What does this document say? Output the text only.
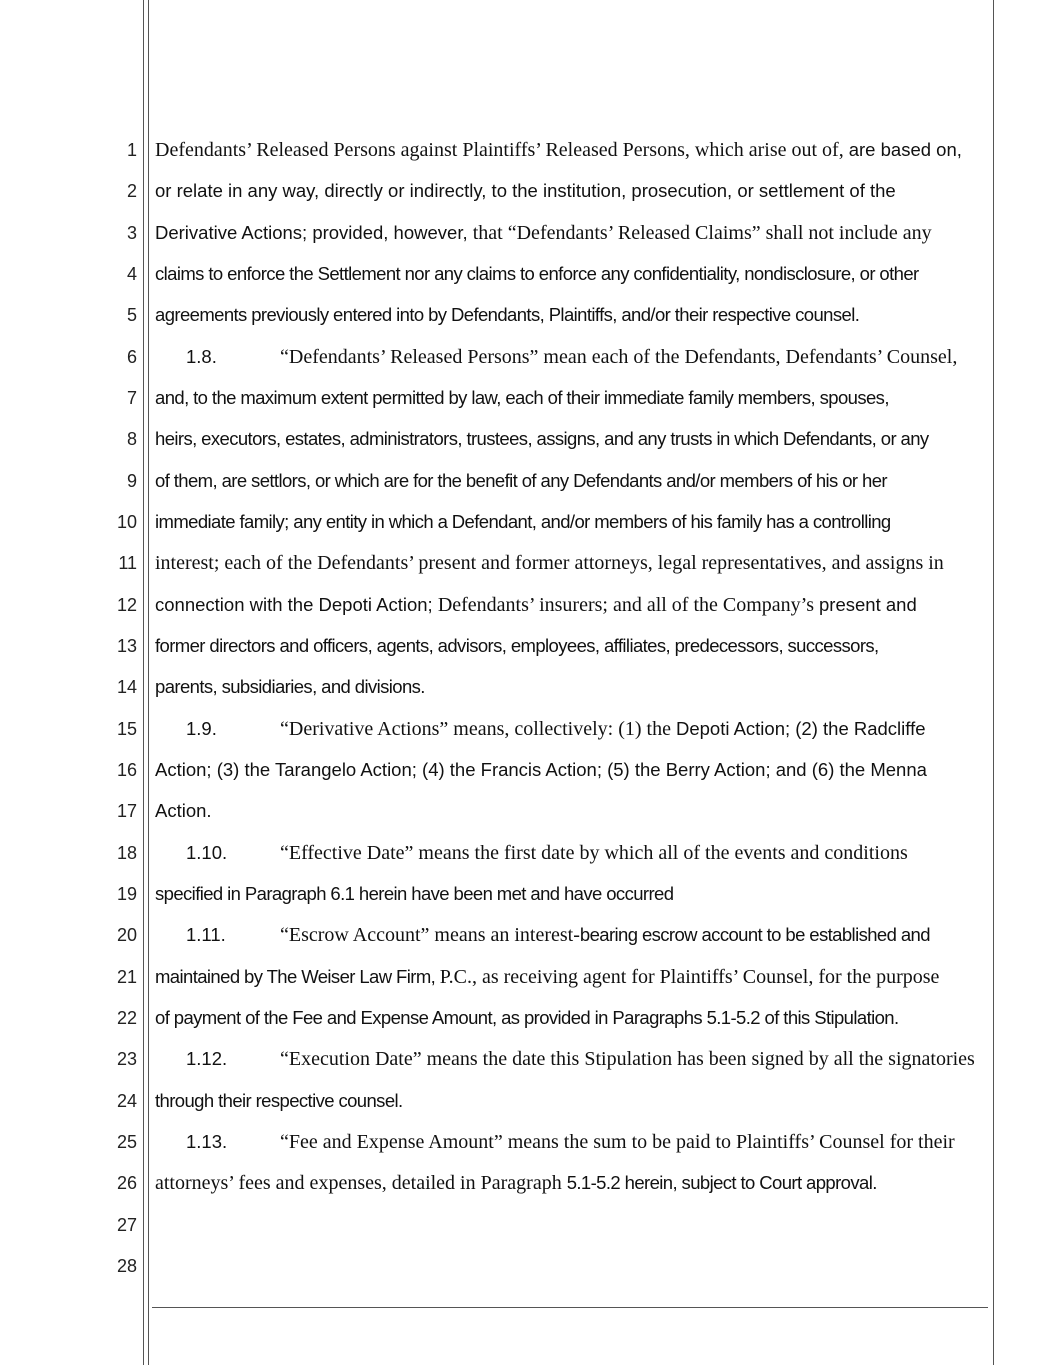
1
2
3
4
5
6
7
8
9
10
11
12
13
14
15
16
17
18
19
20
21
22
23
24
25
26
27
28
Defendants’ Released Persons against Plaintiffs’ Released Persons, which arise out of, are based on,
or relate in any way, directly or indirectly, to the institution, prosecution, or settlement of the
Derivative Actions; provided, however, that “Defendants’ Released Claims” shall not include any
claims to enforce the Settlement nor any claims to enforce any confidentiality, nondisclosure, or other
agreements previously entered into by Defendants, Plaintiffs, and/or their respective counsel.
1.8.	“Defendants’ Released Persons” mean each of the Defendants, Defendants’ Counsel,
and, to the maximum extent permitted by law, each of their immediate family members, spouses,
heirs, executors, estates, administrators, trustees, assigns, and any trusts in which Defendants, or any
of them, are settlors, or which are for the benefit of any Defendants and/or members of his or her
immediate family; any entity in which a Defendant, and/or members of his family has a controlling
interest; each of the Defendants’ present and former attorneys, legal representatives, and assigns in
connection with the Depoti Action; Defendants’ insurers; and all of the Company’s present and
former directors and officers, agents, advisors, employees, affiliates, predecessors, successors,
parents, subsidiaries, and divisions.
1.9.	“Derivative Actions” means, collectively: (1) the Depoti Action; (2) the Radcliffe
Action; (3) the Tarangelo Action; (4) the Francis Action; (5) the Berry Action; and (6) the Menna
Action.
1.10.	“Effective Date” means the first date by which all of the events and conditions
specified in Paragraph 6.1 herein have been met and have occurred
1.11.	“Escrow Account” means an interest-bearing escrow account to be established and
maintained by The Weiser Law Firm, P.C., as receiving agent for Plaintiffs’ Counsel, for the purpose
of payment of the Fee and Expense Amount, as provided in Paragraphs 5.1-5.2 of this Stipulation.
1.12.	“Execution Date” means the date this Stipulation has been signed by all the signatories
through their respective counsel.
1.13.	“Fee and Expense Amount” means the sum to be paid to Plaintiffs’ Counsel for their
attorneys’ fees and expenses, detailed in Paragraph 5.1-5.2 herein, subject to Court approval.
